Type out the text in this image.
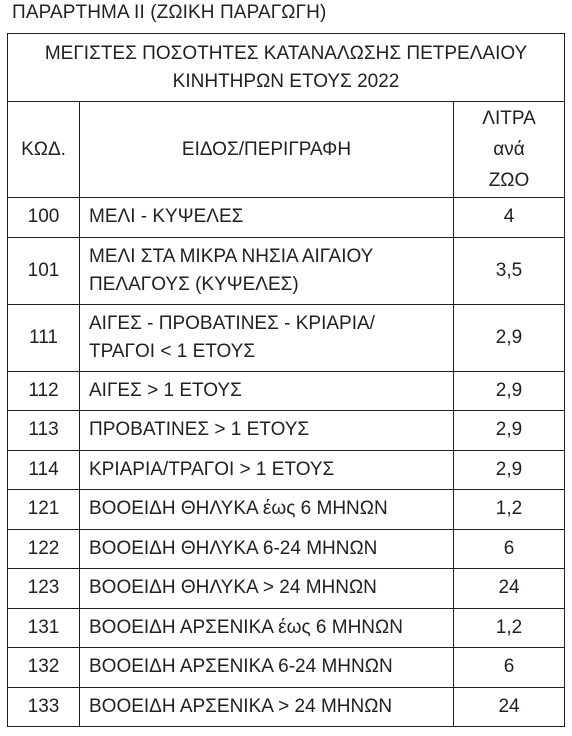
ΠΑΡΑΡΤΗΜΑ II (ΖΩΙΚΗ ΠΑΡΑΓΩΓΗ)
ΜΕΓΙΣΤΕΣ ΠΟΣΟΤΗΤΕΣ ΚΑΤΑΝΑΛΩΣΗΣ ΠΕΤΡΕΛΑΙΟΥ
ΚΙΝΗΤΗΡΩΝ ΕΤΟΥΣ 2022		

ΚΩΔ.	ΕΙΔΟΣ/ΠΕΡΙΓΡΑΦΗ	ΛΙΤΡΑ
ανά
ΖΩΟ

100	ΜΕΛΙ - ΚΥΨΕΛΕΣ	4
101	ΜΕΛΙ ΣΤΑ ΜΙΚΡΑ ΝΗΣΙΑ ΑΙΓΑΙΟΥ
ΠΕΛΑΓΟΥΣ (ΚΥΨΕΛΕΣ)	3,5
111	ΑΙΓΕΣ - ΠΡΟΒΑΤΙΝΕΣ - ΚΡΙΑΡΙΑ/
ΤΡΑΓΟΙ < 1 ΕΤΟΥΣ	2,9
112	ΑΙΓΕΣ > 1 ΕΤΟΥΣ	2,9
113	ΠΡΟΒΑΤΙΝΕΣ > 1 ΕΤΟΥΣ	2,9
114	ΚΡΙΑΡΙΑ/ΤΡΑΓΟΙ > 1 ΕΤΟΥΣ	2,9
121	ΒΟΟΕΙΔΗ ΘΗΛΥΚΑ έως 6 ΜΗΝΩΝ	1,2
122	ΒΟΟΕΙΔΗ ΘΗΛΥΚΑ 6-24 ΜΗΝΩΝ	6
123	ΒΟΟΕΙΔΗ ΘΗΛΥΚΑ > 24 ΜΗΝΩΝ	24
131	ΒΟΟΕΙΔΗ ΑΡΣΕΝΙΚΑ έως 6 ΜΗΝΩΝ	1,2
132	ΒΟΟΕΙΔΗ ΑΡΣΕΝΙΚΑ 6-24 ΜΗΝΩΝ	6
133	ΒΟΟΕΙΔΗ ΑΡΣΕΝΙΚΑ > 24 ΜΗΝΩΝ	24
